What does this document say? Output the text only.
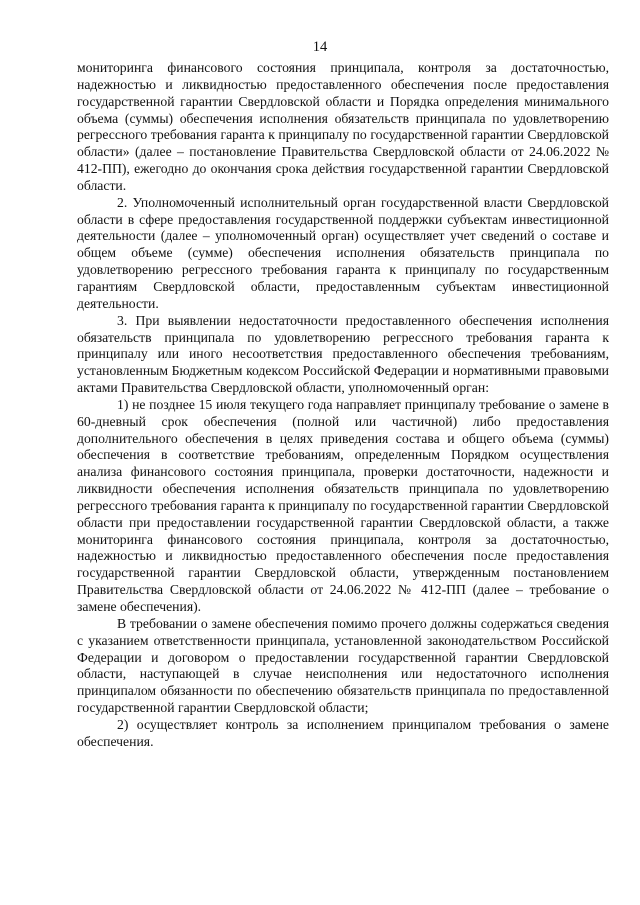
14

мониторинга финансового состояния принципала, контроля за достаточностью, надежностью и ликвидностью предоставленного обеспечения после предоставления государственной гарантии Свердловской области и Порядка определения минимального объема (суммы) обеспечения исполнения обязательств принципала по удовлетворению регрессного требования гаранта к принципалу по государственной гарантии Свердловской области» (далее – постановление Правительства Свердловской области от 24.06.2022 № 412-ПП), ежегодно до окончания срока действия государственной гарантии Свердловской области.

2. Уполномоченный исполнительный орган государственной власти Свердловской области в сфере предоставления государственной поддержки субъектам инвестиционной деятельности (далее – уполномоченный орган) осуществляет учет сведений о составе и общем объеме (сумме) обеспечения исполнения обязательств принципала по удовлетворению регрессного требования гаранта к принципалу по государственным гарантиям Свердловской области, предоставленным субъектам инвестиционной деятельности.

3. При выявлении недостаточности предоставленного обеспечения исполнения обязательств принципала по удовлетворению регрессного требования гаранта к принципалу или иного несоответствия предоставленного обеспечения требованиям, установленным Бюджетным кодексом Российской Федерации и нормативными правовыми актами Правительства Свердловской области, уполномоченный орган:

1) не позднее 15 июля текущего года направляет принципалу требование о замене в 60-дневный срок обеспечения (полной или частичной) либо предоставления дополнительного обеспечения в целях приведения состава и общего объема (суммы) обеспечения в соответствие требованиям, определенным Порядком осуществления анализа финансового состояния принципала, проверки достаточности, надежности и ликвидности обеспечения исполнения обязательств принципала по удовлетворению регрессного требования гаранта к принципалу по государственной гарантии Свердловской области при предоставлении государственной гарантии Свердловской области, а также мониторинга финансового состояния принципала, контроля за достаточностью, надежностью и ликвидностью предоставленного обеспечения после предоставления государственной гарантии Свердловской области, утвержденным постановлением Правительства Свердловской области от 24.06.2022 № 412-ПП (далее – требование о замене обеспечения).

В требовании о замене обеспечения помимо прочего должны содержаться сведения с указанием ответственности принципала, установленной законодательством Российской Федерации и договором о предоставлении государственной гарантии Свердловской области, наступающей в случае неисполнения или недостаточного исполнения принципалом обязанности по обеспечению обязательств принципала по предоставленной государственной гарантии Свердловской области;

2) осуществляет контроль за исполнением принципалом требования о замене обеспечения.
